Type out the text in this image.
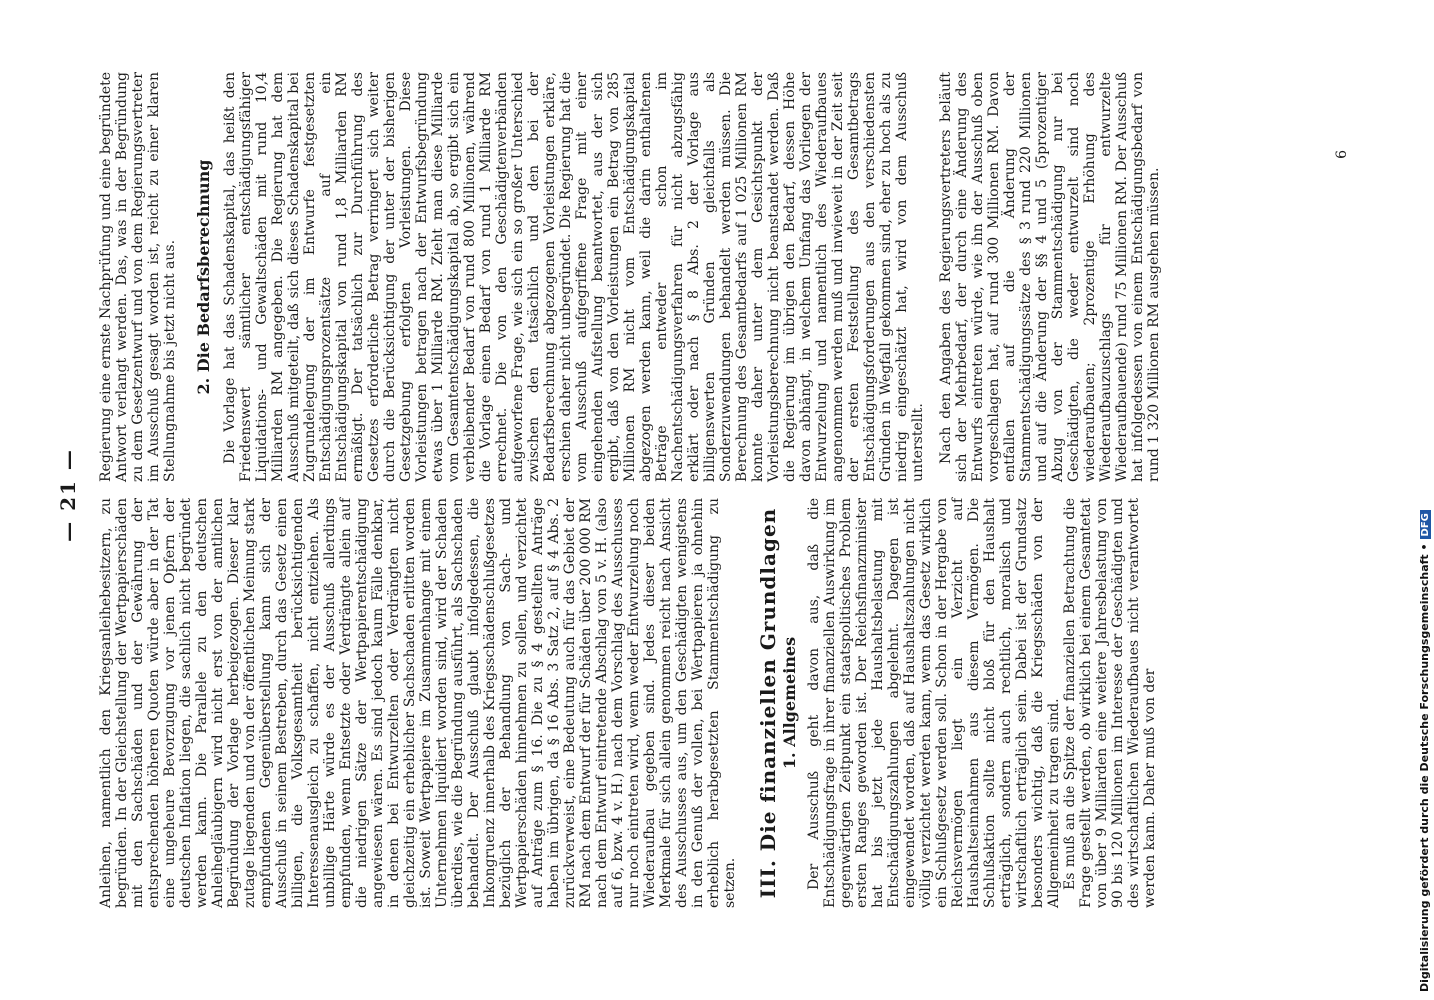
— 21 —

Anleihen, namentlich den Kriegsanleihebesitzern, zu begründen. In der Gleichstellung der Wertpapierschäden mit den Sachschäden und der Gewährung der entsprechenden höheren Quoten würde aber in der Tat eine ungeheure Bevorzugung vor jenen Opfern der deutschen Inflation liegen, die sachlich nicht begründet werden kann. Die Parallele zu den deutschen Anleihegläubigern wird nicht erst von der amtlichen Begründung der Vorlage herbeigezogen. Dieser klar zutage liegenden und von der öffentlichen Meinung stark empfundenen Gegenüberstellung kann sich der Ausschuß in seinem Bestreben, durch das Gesetz einen billigen, die Volksgesamtheit berücksichtigenden Interessenausgleich zu schaffen, nicht entziehen. Als unbillige Härte würde es der Ausschuß allerdings empfunden, wenn Entsetzte oder Verdrängte allein auf die niedrigen Sätze der Wertpapierentschädigung angewiesen wären. Es sind jedoch kaum Fälle denkbar, in denen bei Entwurzelten oder Verdrängten nicht gleichzeitig ein erheblicher Sachschaden erlitten worden ist. Soweit Wertpapiere im Zusammenhange mit einem Unternehmen liquidiert worden sind, wird der Schaden überdies, wie die Begründung ausführt, als Sachschaden behandelt. Der Ausschuß glaubt infolgedessen, die Inkongruenz innerhalb des Kriegsschädenschlußgesetzes bezüglich der Behandlung von Sach- und Wertpapierschäden hinnehmen zu sollen, und verzichtet auf Anträge zum § 16. Die zu § 4 gestellten Anträge haben im übrigen, da § 16 Abs. 3 Satz 2, auf § 4 Abs. 2 zurückverweist, eine Bedeutung auch für das Gebiet der RM nach dem Entwurf der für Schäden über 200 000 RM nach dem Entwurf eintretende Abschlag von 5 v. H. (also auf 6, bzw. 4 v. H.) nach dem Vorschlag des Ausschusses nur noch eintreten wird, wenn weder Entwurzelung noch Wiederaufbau gegeben sind. Jedes dieser beiden Merkmale für sich allein genommen reicht nach Ansicht des Ausschusses aus, um den Geschädigten wenigstens in den Genuß der vollen, bei Wertpapieren ja ohnehin erheblich herabgesetzten Stammentschädigung zu setzen. III. Die finanziellen Grundlagen 1. Allgemeines Der Ausschuß geht davon aus, daß die Entschädigungsfrage in ihrer finanziellen Auswirkung im gegenwärtigen Zeitpunkt ein staatspolitisches Problem ersten Ranges geworden ist. Der Reichsfinanzminister hat bis jetzt jede Haushaltsbelastung mit Entschädigungszahlungen abgelehnt. Dagegen ist eingewendet worden, daß auf Haushaltszahlungen nicht völlig verzichtet werden kann, wenn das Gesetz wirklich ein Schlußgesetz werden soll. Schon in der Hergabe von Reichsvermögen liegt ein Verzicht auf Haushaltseinnahmen aus diesem Vermögen. Die Schlußaktion sollte nicht bloß für den Haushalt erträglich, sondern auch rechtlich, moralisch und wirtschaftlich erträglich sein. Dabei ist der Grundsatz besonders wichtig, daß die Kriegsschäden von der Allgemeinheit zu tragen sind. Es muß an die Spitze der finanziellen Betrachtung die Frage gestellt werden, ob wirklich bei einem Gesamtetat von über 9 Milliarden eine weitere Jahresbelastung von 90 bis 120 Millionen im Interesse der Geschädigten und des wirtschaftlichen Wiederaufbaues nicht verantwortet werden kann. Daher muß von der

Regierung eine ernste Nachprüfung und eine begründete Antwort verlangt werden. Das, was in der Begründung zu dem Gesetzentwurf und von dem Regierungsvertreter im Ausschuß gesagt worden ist, reicht zu einer klaren Stellungnahme bis jetzt nicht aus. 2. Die Bedarfsberechnung Die Vorlage hat das Schadenskapital, das heißt den Friedenswert sämtlicher entschädigungsfähiger Liquidations- und Gewaltschäden mit rund 10,4 Milliarden RM angegeben. Die Regierung hat dem Ausschuß mitgeteilt, daß sich dieses Schadenskapital bei Zugrundelegung der im Entwurfe festgesetzten Entschädigungsprozentsätze auf ein Entschädigungskapital von rund 1,8 Milliarden RM ermäßigt. Der tatsächlich zur Durchführung des Gesetzes erforderliche Betrag verringert sich weiter durch die Berücksichtigung der unter der bisherigen Gesetzgebung erfolgten Vorleistungen. Diese Vorleistungen betragen nach der Entwurfsbegründung etwas über 1 Milliarde RM. Zieht man diese Milliarde vom Gesamtentschädigungskapital ab, so ergibt sich ein verbleibender Bedarf von rund 800 Millionen, während die Vorlage einen Bedarf von rund 1 Milliarde RM errechnet. Die von den Geschädigtenverbänden aufgeworfene Frage, wie sich ein so großer Unterschied zwischen den tatsächlich und den bei der Bedarfsberechnung abgezogenen Vorleistungen erkläre, erschien daher nicht unbegründet. Die Regierung hat die vom Ausschuß aufgegriffene Frage mit einer eingehenden Aufstellung beantwortet, aus der sich ergibt, daß von den Vorleistungen ein Betrag von 285 Millionen RM nicht vom Entschädigungskapital abgezogen werden kann, weil die darin enthaltenen Beträge entweder schon im Nachentschädigungsverfahren für nicht abzugsfähig erklärt oder nach § 8 Abs. 2 der Vorlage aus billigenswerten Gründen gleichfalls als Sonderzuwendungen behandelt werden müssen. Die Berechnung des Gesamtbedarfs auf 1 025 Millionen RM konnte daher unter dem Gesichtspunkt der Vorleistungsberechnung nicht beanstandet werden. Daß die Regierung im übrigen den Bedarf, dessen Höhe davon abhängt, in welchem Umfang das Vorliegen der Entwurzelung und namentlich des Wiederaufbaues angenommen werden muß und inwieweit in der Zeit seit der ersten Feststellung des Gesamtbetrags Entschädigungsforderungen aus den verschiedensten Gründen in Wegfall gekommen sind, eher zu hoch als zu niedrig eingeschätzt hat, wird von dem Ausschuß unterstellt. Nach den Angaben des Regierungsvertreters beläuft sich der Mehrbedarf, der durch eine Änderung des Entwurfs eintreten würde, wie ihn der Ausschuß oben vorgeschlagen hat, auf rund 300 Millionen RM. Davon entfallen auf die Änderung der Stammentschädigungssätze des § 3 rund 220 Millionen und auf die Änderung der §§ 4 und 5 (5prozentiger Abzug von der Stammentschädigung nur bei Geschädigten, die weder entwurzelt sind noch wiederaufbauen; 2prozentige Erhöhung des Wiederaufbauzuschlags für entwurzelte Wiederaufbauende) rund 75 Millionen RM. Der Ausschuß hat infolgedessen von einem Entschädigungsbedarf von rund 1 320 Millionen RM ausgehen müssen.

6
Digitalisierung gefördert durch die Deutsche Forschungsgemeinschaft •DFG
